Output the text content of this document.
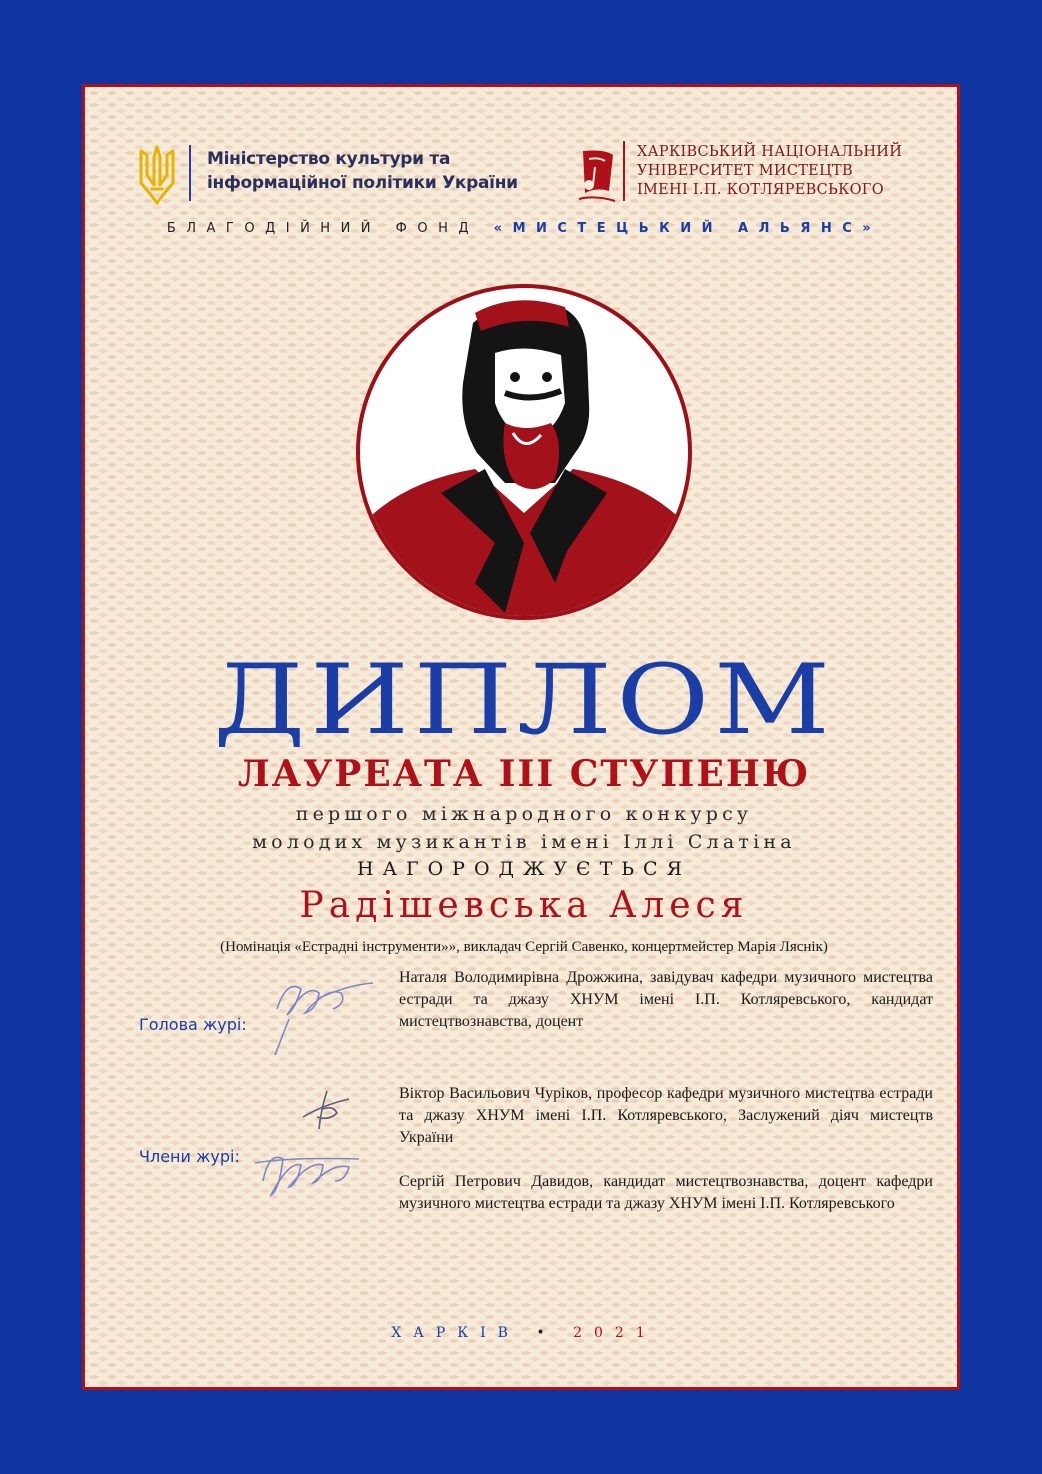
Міністерство культури та
інформаційної політики України
ХАРКІВСЬКИЙ НАЦІОНАЛЬНИЙ
УНІВЕРСИТЕТ МИСТЕЦТВ
ІМЕНІ І.П. КОТЛЯРЕВСЬКОГО
БЛАГОДІЙНИЙ ФОНД «МИСТЕЦЬКИЙ АЛЬЯНС»
ДИПЛОМ
ЛАУРЕАТА III СТУПЕНЮ
першого міжнародного конкурсу
молодих музикантів імені Іллі Слатіна
НАГОРОДЖУЄТЬСЯ
Радішевська Алеся
(Номінація «Естрадні інструменти»», викладач Сергій Савенко, концертмейстер Марія Ляснік)
Голова журі:
Наталя Володимирівна Дрожжина, завідувач кафедри музичного мистецтва естради та джазу ХНУМ імені І.П. Котляревського, кандидат мистецтвознавства, доцент
Члени журі:
Віктор Васильович Чуріков, професор кафедри музичного мистецтва естради та джазу ХНУМ імені І.П. Котляревського, Заслужений діяч мистецтв України
Сергій Петрович Давидов, кандидат мистецтвознавства, доцент кафедри музичного мистецтва естради та джазу ХНУМ імені І.П. Котляревського
ХАРКІВ • 2021
